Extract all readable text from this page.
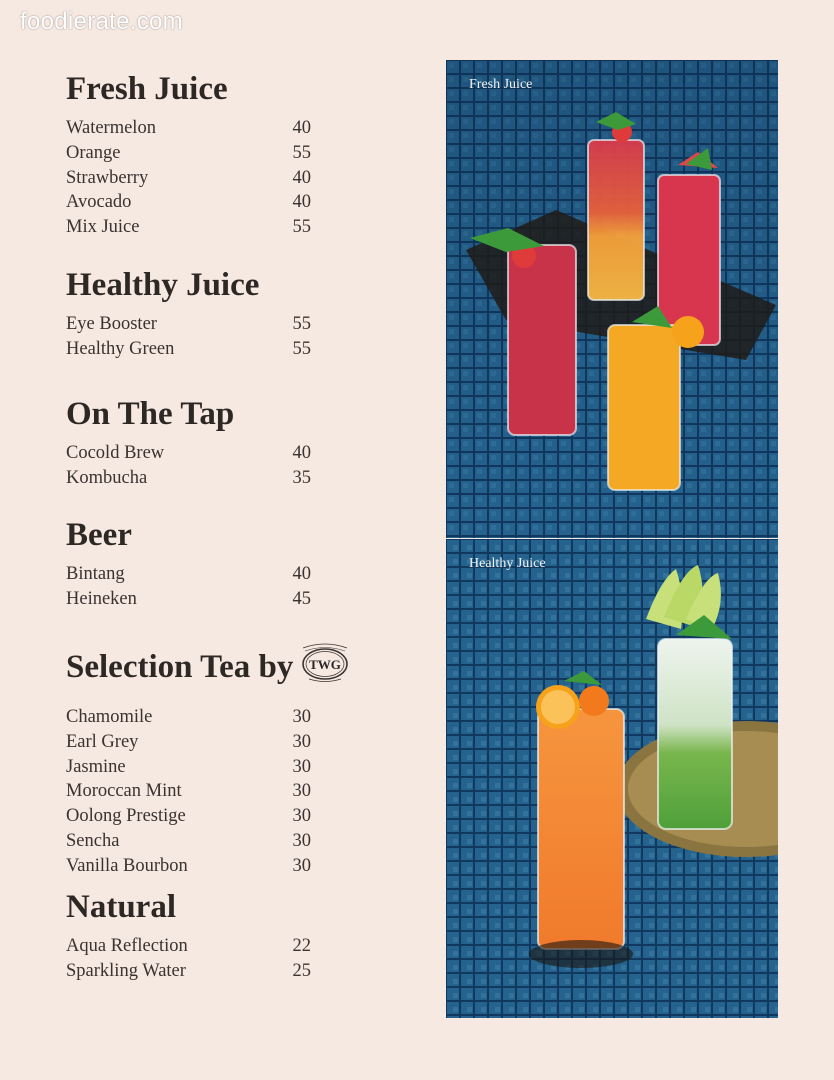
foodierate.com
Fresh Juice
Watermelon	40
Orange	55
Strawberry	40
Avocado	40
Mix Juice	55
Healthy Juice
Eye Booster	55
Healthy Green	55
On The Tap
Cocold Brew	40
Kombucha	35
Beer
Bintang	40
Heineken	45
Selection Tea by TWG
Chamomile	30
Earl Grey	30
Jasmine	30
Moroccan Mint	30
Oolong Prestige	30
Sencha	30
Vanilla Bourbon	30
Natural
Aqua Reflection	22
Sparkling Water	25
Fresh Juice
Healthy Juice
